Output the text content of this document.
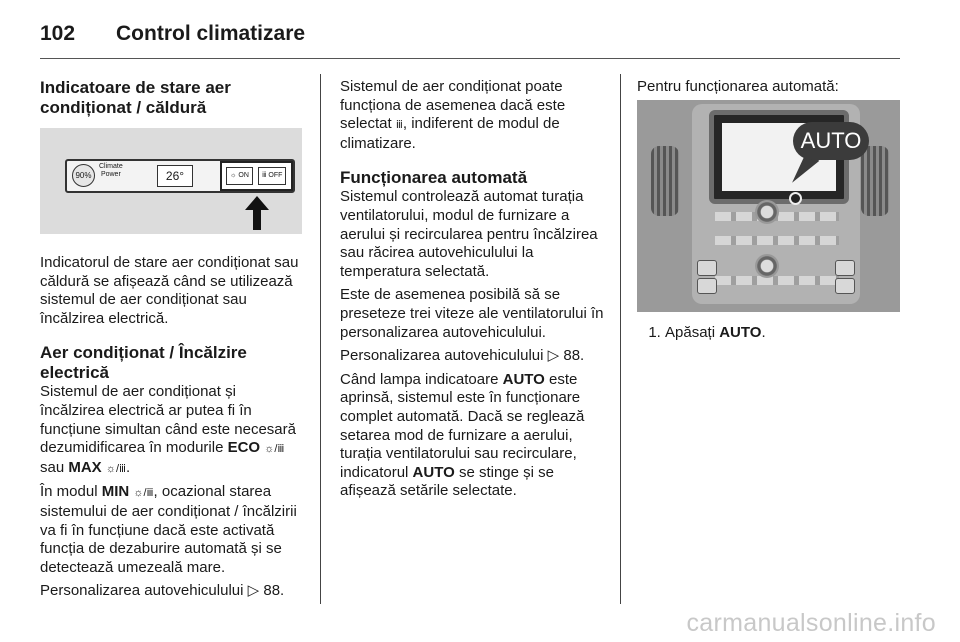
102	Control climatizare
Indicatoare de stare aer condiționat / căldură
90%
Climate
Power	26°	☼ ON	ⅲ OFF

Indicatorul de stare aer condiționat sau căldură se afișează când se utilizează sistemul de aer condiționat sau încălzirea electrică.

Aer condiționat / Încălzire electrică

Sistemul de aer condiționat și încălzirea electrică ar putea fi în funcțiune simultan când este necesară dezumidificarea în modurile ECO ☼/ⅲ sau MAX ☼/ⅲ.

În modul MIN ☼/ⅲ, ocazional starea sistemului de aer condiționat / încălzirii va fi în funcțiune dacă este activată funcția de dezaburire automată și se detectează umezeală mare.

Personalizarea autovehiculului ▷ 88.

Sistemul de aer condiționat poate funcționa de asemenea dacă este selectat ⅲ, indiferent de modul de climatizare.

Funcționarea automată

Sistemul controlează automat turația ventilatorului, modul de furnizare a aerului și recircularea pentru încălzirea sau răcirea autovehiculului la temperatura selectată.

Este de asemenea posibilă să se preseteze trei viteze ale ventilatorului în personalizarea autovehiculului.

Personalizarea autovehiculului ▷ 88.

Când lampa indicatoare AUTO este aprinsă, sistemul este în funcționare complet automată. Dacă se reglează setarea mod de furnizare a aerului, turația ventilatorului sau recirculare, indicatorul AUTO se stinge și se afișează setările selectate.

Pentru funcționarea automată:

AUTO
1. Apăsați AUTO.
carmanualsonline.info
